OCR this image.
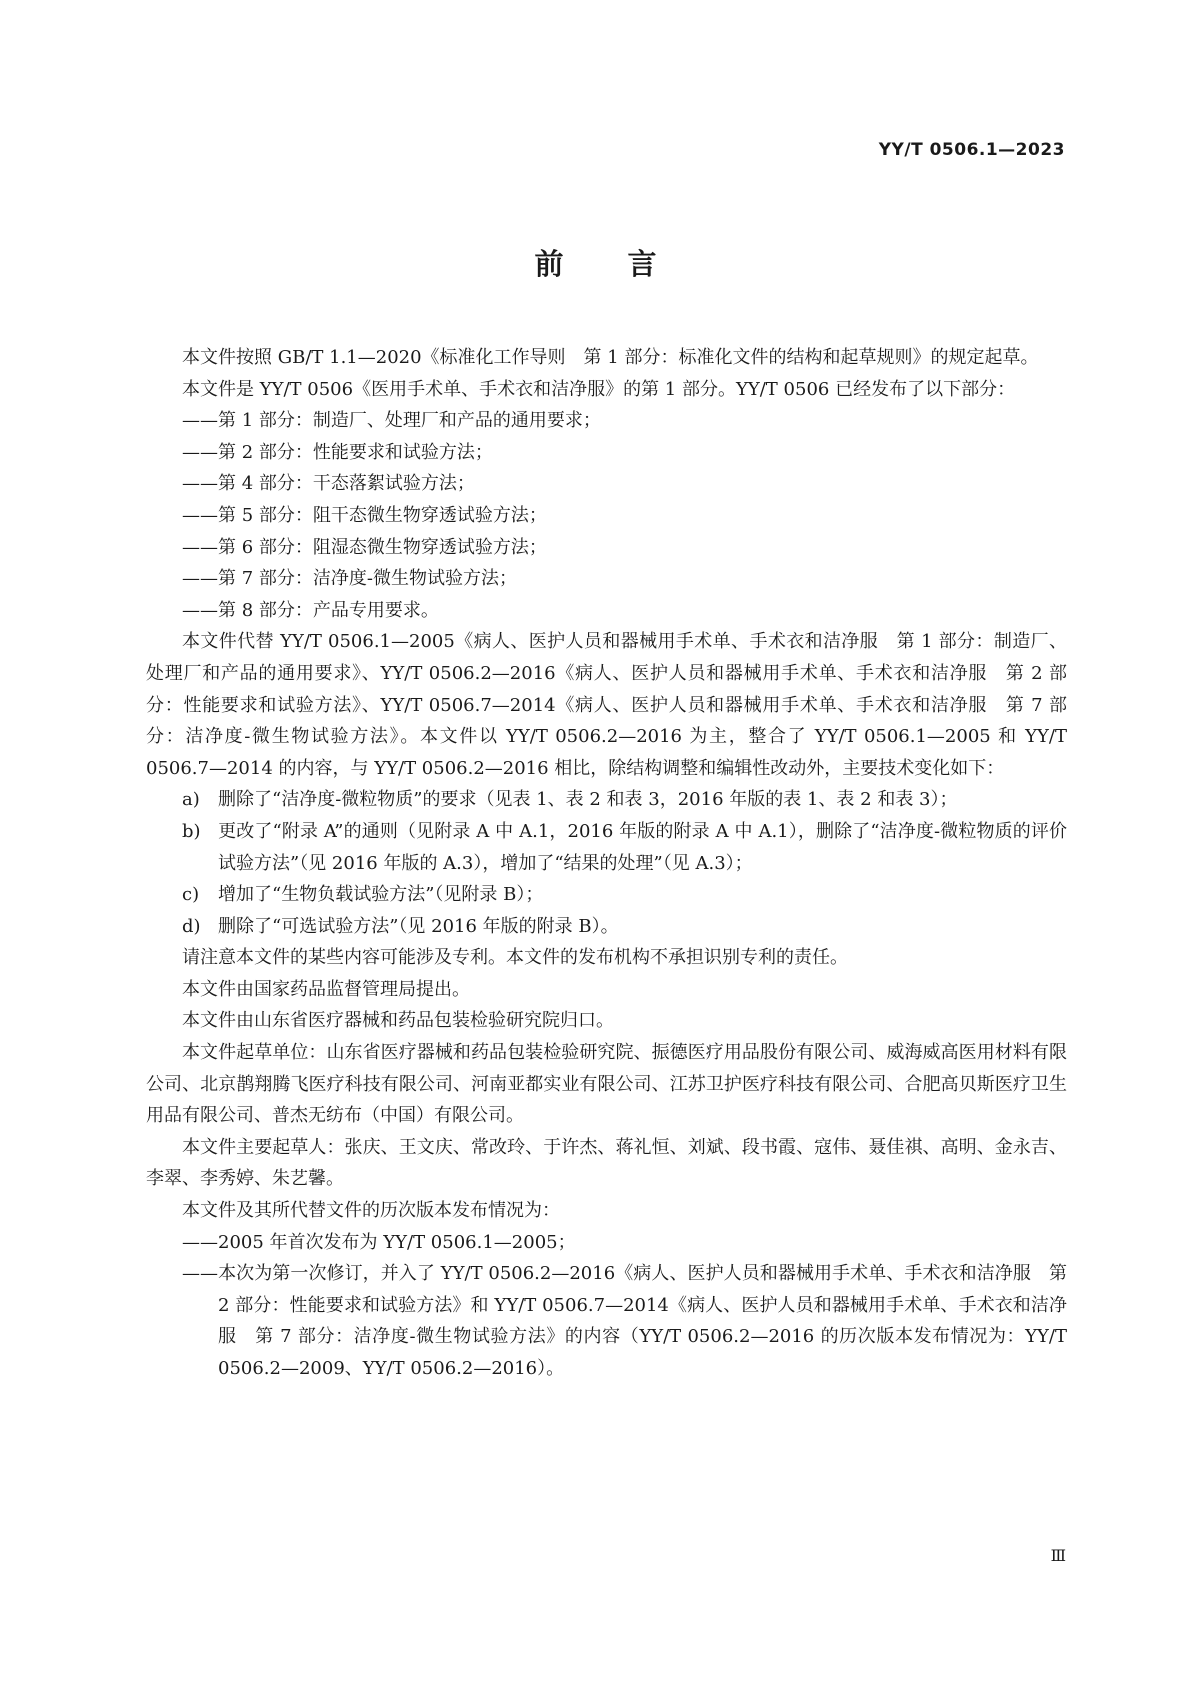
YY/T 0506.1—2023
前 言

本文件按照 GB/T 1.1—2020《标准化工作导则　第 1 部分：标准化文件的结构和起草规则》的规定起草。

本文件是 YY/T 0506《医用手术单、手术衣和洁净服》的第 1 部分。YY/T 0506 已经发布了以下部分：

——第 1 部分：制造厂、处理厂和产品的通用要求；

——第 2 部分：性能要求和试验方法；

——第 4 部分：干态落絮试验方法；

——第 5 部分：阻干态微生物穿透试验方法；

——第 6 部分：阻湿态微生物穿透试验方法；

——第 7 部分：洁净度-微生物试验方法；

——第 8 部分：产品专用要求。

本文件代替 YY/T 0506.1—2005《病人、医护人员和器械用手术单、手术衣和洁净服　第 1 部分：制造厂、处理厂和产品的通用要求》、YY/T 0506.2—2016《病人、医护人员和器械用手术单、手术衣和洁净服　第 2 部分：性能要求和试验方法》、YY/T 0506.7—2014《病人、医护人员和器械用手术单、手术衣和洁净服　第 7 部分：洁净度-微生物试验方法》。本文件以 YY/T 0506.2—2016 为主，整合了 YY/T 0506.1—2005 和 YY/T 0506.7—2014 的内容，与 YY/T 0506.2—2016 相比，除结构调整和编辑性改动外，主要技术变化如下：

a) 删除了“洁净度-微粒物质”的要求（见表 1、表 2 和表 3，2016 年版的表 1、表 2 和表 3）；

b) 更改了“附录 A”的通则（见附录 A 中 A.1，2016 年版的附录 A 中 A.1），删除了“洁净度-微粒物质的评价试验方法”（见 2016 年版的 A.3），增加了“结果的处理”（见 A.3）；

c) 增加了“生物负载试验方法”（见附录 B）；

d) 删除了“可选试验方法”（见 2016 年版的附录 B）。

请注意本文件的某些内容可能涉及专利。本文件的发布机构不承担识别专利的责任。

本文件由国家药品监督管理局提出。

本文件由山东省医疗器械和药品包装检验研究院归口。

本文件起草单位：山东省医疗器械和药品包装检验研究院、振德医疗用品股份有限公司、威海威高医用材料有限公司、北京鹊翔腾飞医疗科技有限公司、河南亚都实业有限公司、江苏卫护医疗科技有限公司、合肥高贝斯医疗卫生用品有限公司、普杰无纺布（中国）有限公司。

本文件主要起草人：张庆、王文庆、常改玲、于许杰、蒋礼恒、刘斌、段书霞、寇伟、聂佳祺、高明、金永吉、李翠、李秀婷、朱艺馨。

本文件及其所代替文件的历次版本发布情况为：

——2005 年首次发布为 YY/T 0506.1—2005；

——本次为第一次修订，并入了 YY/T 0506.2—2016《病人、医护人员和器械用手术单、手术衣和洁净服　第 2 部分：性能要求和试验方法》和 YY/T 0506.7—2014《病人、医护人员和器械用手术单、手术衣和洁净服　第 7 部分：洁净度-微生物试验方法》的内容（YY/T 0506.2—2016 的历次版本发布情况为：YY/T 0506.2—2009、YY/T 0506.2—2016）。

Ⅲ
